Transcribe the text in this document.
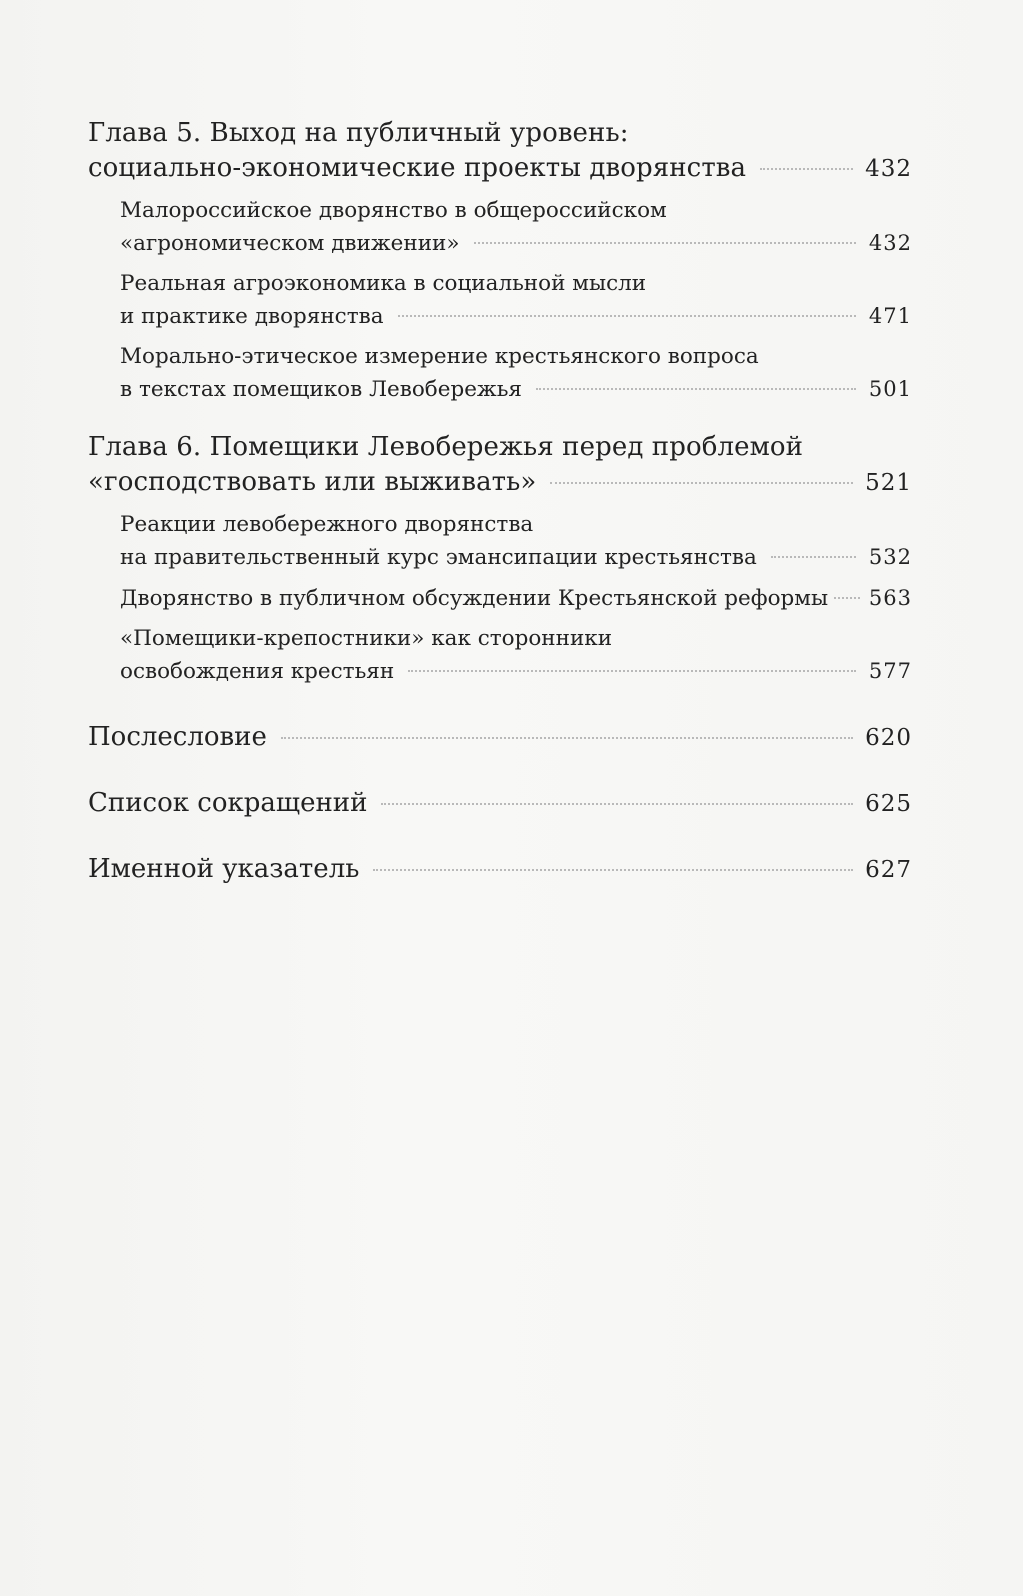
Глава 5. Выход на публичный уровень:
социально-экономические проекты дворянства	432
Малороссийское дворянство в общероссийском
«агрономическом движении»	432
Реальная агроэкономика в социальной мысли
и практике дворянства	471
Морально-этическое измерение крестьянского вопроса
в текстах помещиков Левобережья	501
Глава 6. Помещики Левобережья перед проблемой
«господствовать или выживать»	521
Реакции левобережного дворянства
на правительственный курс эмансипации крестьянства	532
Дворянство в публичном обсуждении Крестьянской реформы 563
«Помещики-крепостники» как сторонники
освобождения крестьян	577
Послесловие	620
Список сокращений	625
Именной указатель	627
